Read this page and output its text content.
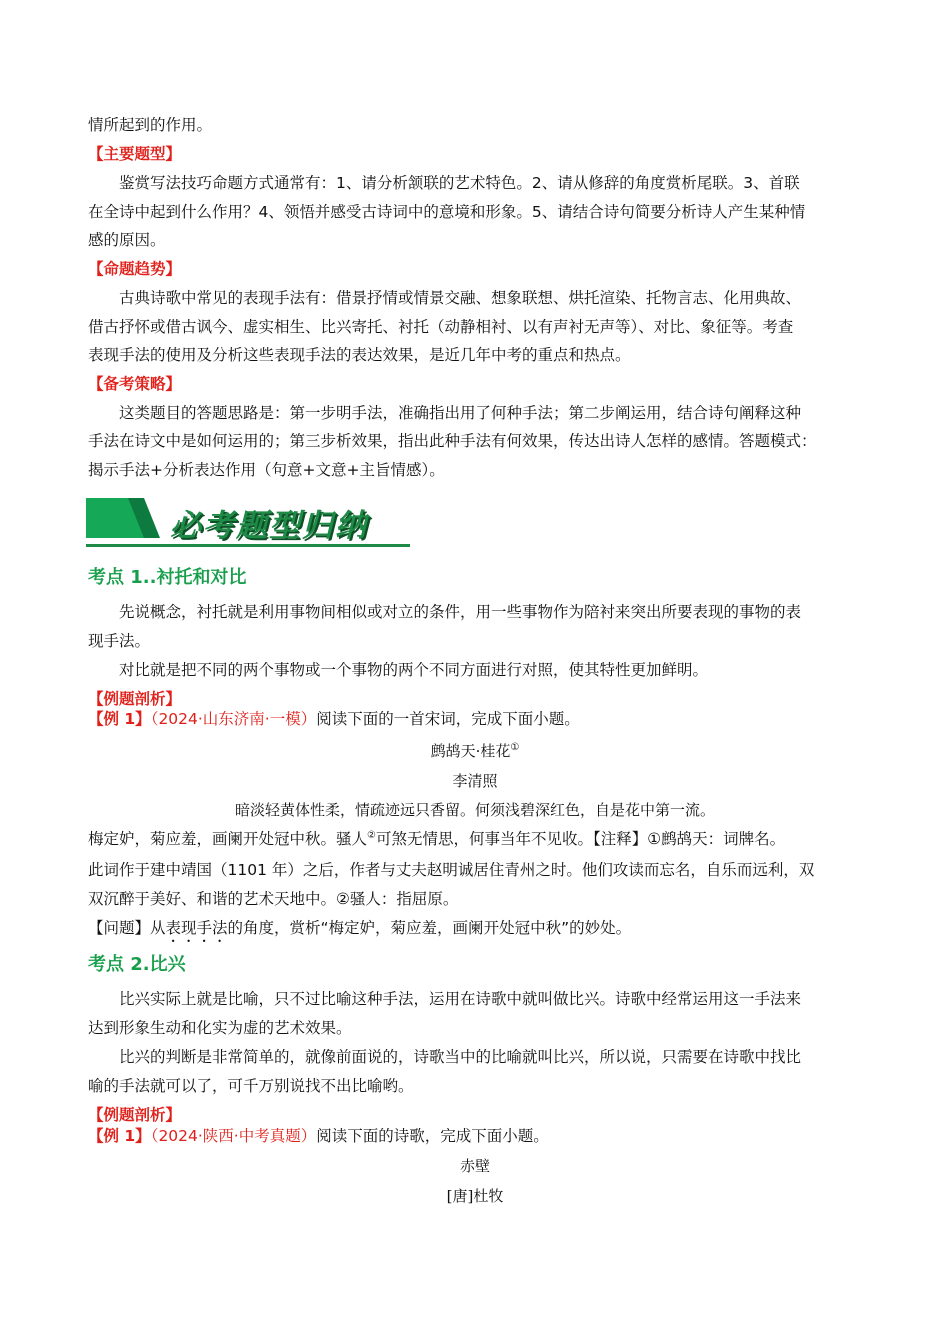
情所起到的作用。
【主要题型】
鉴赏写法技巧命题方式通常有：1、请分析颔联的艺术特色。2、请从修辞的角度赏析尾联。3、首联
在全诗中起到什么作用？4、领悟并感受古诗词中的意境和形象。5、请结合诗句简要分析诗人产生某种情
感的原因。
【命题趋势】
古典诗歌中常见的表现手法有：借景抒情或情景交融、想象联想、烘托渲染、托物言志、化用典故、
借古抒怀或借古讽今、虚实相生、比兴寄托、衬托（动静相衬、以有声衬无声等）、对比、象征等。考查
表现手法的使用及分析这些表现手法的表达效果，是近几年中考的重点和热点。
【备考策略】
这类题目的答题思路是：第一步明手法，准确指出用了何种手法；第二步阐运用，结合诗句阐释这种
手法在诗文中是如何运用的；第三步析效果，指出此种手法有何效果，传达出诗人怎样的感情。答题模式：
揭示手法+分析表达作用（句意+文意+主旨情感）。
必考题型归纳
考点 1..衬托和对比
先说概念，衬托就是利用事物间相似或对立的条件，用一些事物作为陪衬来突出所要表现的事物的表
现手法。
对比就是把不同的两个事物或一个事物的两个不同方面进行对照，使其特性更加鲜明。
【例题剖析】
【例 1】（2024·山东济南·一模）阅读下面的一首宋词，完成下面小题。
鹧鸪天·桂花①
李清照
暗淡轻黄体性柔，情疏迹远只香留。何须浅碧深红色，自是花中第一流。
梅定妒，菊应羞，画阑开处冠中秋。骚人②可煞无情思，何事当年不见收。【注释】①鹧鸪天：词牌名。
此词作于建中靖国（1101 年）之后，作者与丈夫赵明诚居住青州之时。他们攻读而忘名，自乐而远利，双
双沉醉于美好、和谐的艺术天地中。②骚人：指屈原。
【问题】从表现手法的角度，赏析“梅定妒，菊应羞，画阑开处冠中秋”的妙处。
考点 2.比兴
比兴实际上就是比喻，只不过比喻这种手法，运用在诗歌中就叫做比兴。诗歌中经常运用这一手法来
达到形象生动和化实为虚的艺术效果。
比兴的判断是非常简单的，就像前面说的，诗歌当中的比喻就叫比兴，所以说，只需要在诗歌中找比
喻的手法就可以了，可千万别说找不出比喻哟。
【例题剖析】
【例 1】（2024·陕西·中考真题）阅读下面的诗歌，完成下面小题。
赤壁
[唐]杜牧
